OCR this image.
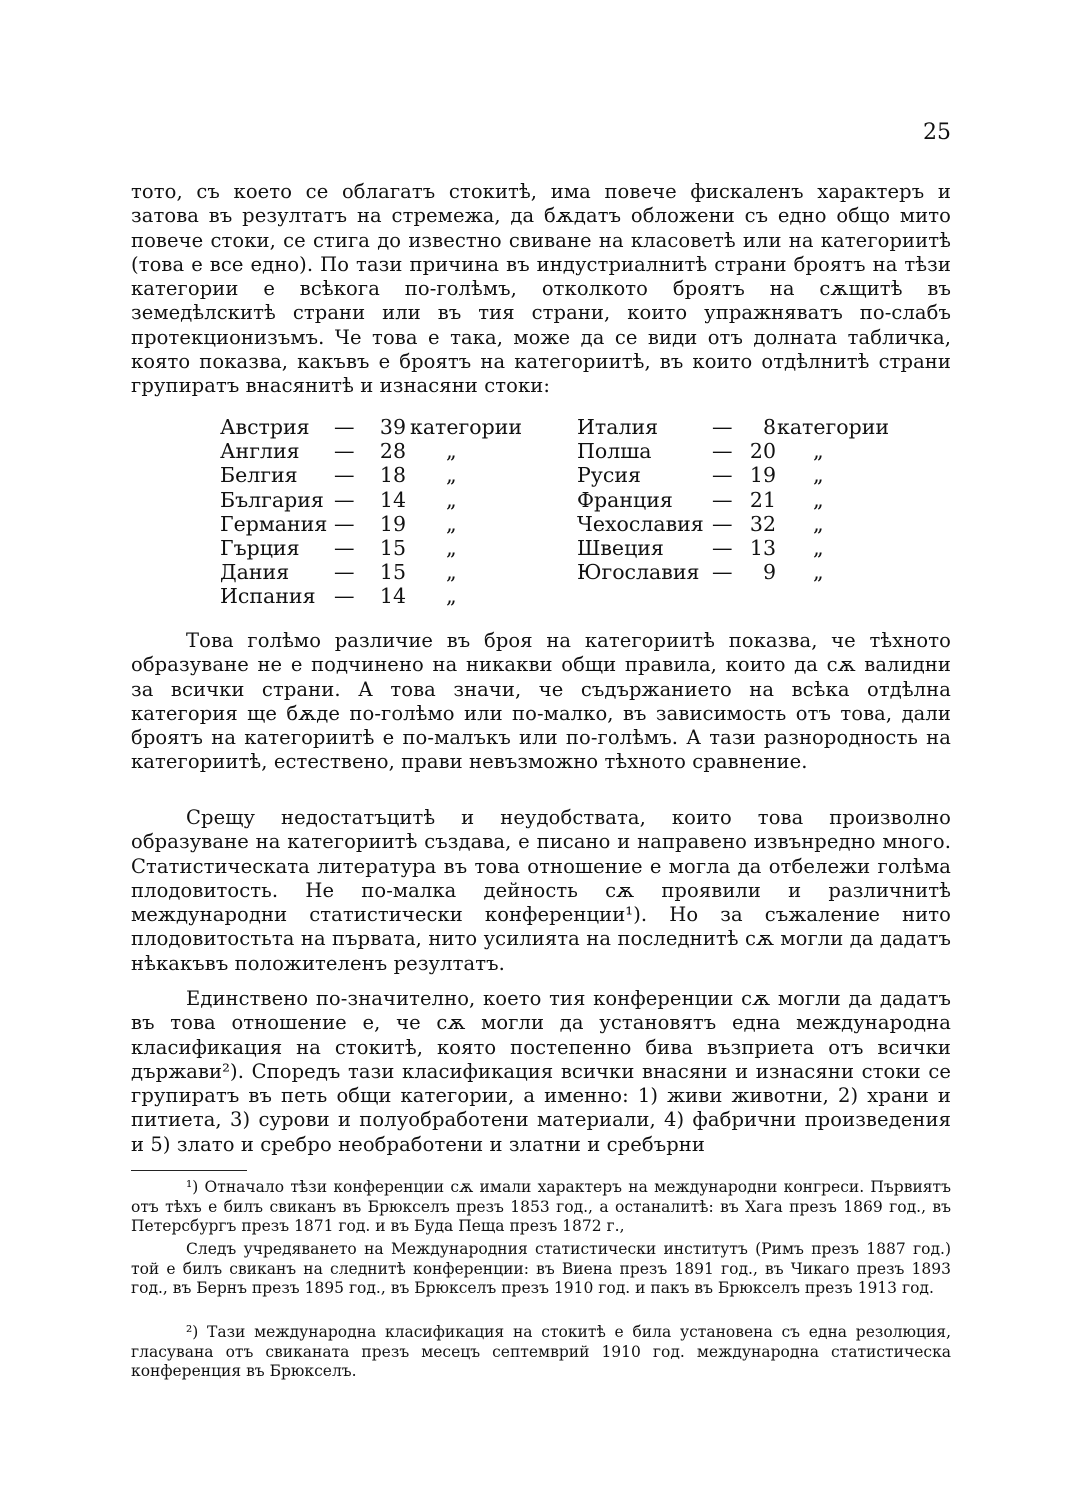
25

тото, съ което се облагатъ стокитѣ, има повече фискаленъ характеръ и затова въ резултатъ на стремежа, да бѫдатъ обложени съ едно общо мито повече стоки, се стига до известно свиване на класоветѣ или на категориитѣ (това е все едно). По тази причина въ индустриалнитѣ страни броятъ на тѣзи категории е всѣкога по-голѣмъ, отколкото броятъ на сѫщитѣ въ земедѣлскитѣ страни или въ тия страни, които упражняватъ по-слабъ протекционизъмъ. Че това е така, може да се види отъ долната табличка, която показва, какъвъ е броятъ на категориитѣ, въ които отдѣлнитѣ страни групиратъ внасянитѣ и изнасяни стоки:

Австрия —	39 категории
Англия —	28 „
Белгия —	18 „
България —	14 „
Германия —	19 „
Гърция —	15 „
Дания —	15 „
Испания —	14 „
Италия	—	8 категории
Полша	— 20 „
Русия	— 19 „
Франция — 21 „
Чехославия — 32 „
Швеция — 13 „
Югославия —	9 „

Това голѣмо различие въ броя на категориитѣ показва, че тѣхното образуване не е подчинено на никакви общи правила, които да сѫ валидни за всички страни. А това значи, че съдържанието на всѣка отдѣлна категория ще бѫде по-голѣмо или по-малко, въ зависимость отъ това, дали броятъ на категориитѣ е по-малъкъ или по-голѣмъ. А тази разнородность на категориитѣ, естествено, прави невъзможно тѣхното сравнение.

Срещу недостатъцитѣ и неудобствата, които това произволно образуване на категориитѣ създава, е писано и направено извънредно много. Статистическата литература въ това отношение е могла да отбележи голѣма плодовитость. Не по-малка дейность сѫ проявили и различнитѣ международни статистически конференции¹). Но за съжаление нито плодовитостьта на първата, нито усилията на последнитѣ сѫ могли да дадатъ нѣкакъвъ положителенъ резултатъ.

Единствено по-значително, което тия конференции сѫ могли да дадатъ въ това отношение е, че сѫ могли да установятъ една международна класификация на стокитѣ, която постепенно бива възприета отъ всички държави²). Споредъ тази класификация всички внасяни и изнасяни стоки се групиратъ въ петь общи категории, а именно: 1) живи животни, 2) храни и питиета, 3) сурови и полуобработени материали, 4) фабрични произведения и 5) злато и сребро необработени и златни и сребърни

¹) Отначало тѣзи конференции сѫ имали характеръ на международни конгреси. Първиятъ отъ тѣхъ е билъ свиканъ въ Брюкселъ презъ 1853 год., а останалитѣ: въ Хага презъ 1869 год., въ Петерсбургъ презъ 1871 год. и въ Буда Пеща презъ 1872 г.,

Следъ учредяването на Международния статистически институтъ (Римъ презъ 1887 год.) той е билъ свиканъ на следнитѣ конференции: въ Виена презъ 1891 год., въ Чикаго презъ 1893 год., въ Бернъ презъ 1895 год., въ Брюкселъ презъ 1910 год. и пакъ въ Брюкселъ презъ 1913 год.

²) Тази международна класификация на стокитѣ е била установена съ една резолюция, гласувана отъ свиканата презъ месецъ септемврий 1910 год. международна статистическа конференция въ Брюкселъ.
